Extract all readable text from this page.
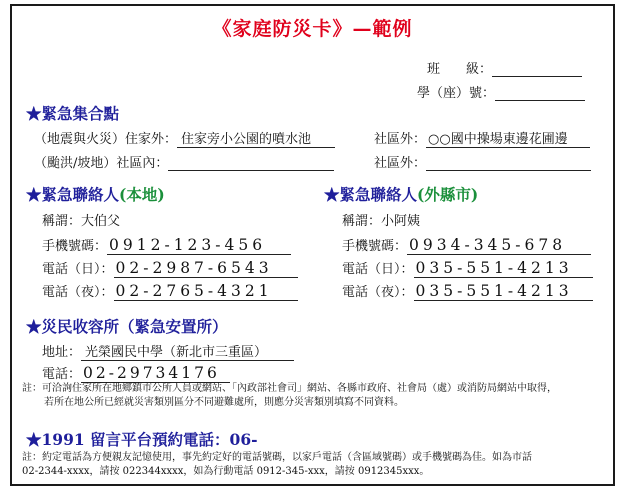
《家庭防災卡》—範例
班　　級：
學（座）號：
★緊急集合點
（地震與火災）住家外： 住家旁小公園的噴水池	社區外： ○○國中操場東邊花圃邊
（颱洪/坡地）社區內：	社區外：
★緊急聯絡人(本地)
稱謂：大伯父
手機號碼： 0912-123-456
電話（日）： 02-2987-6543
電話（夜）： 02-2765-4321
★緊急聯絡人(外縣市)
稱謂：小阿姨
手機號碼： 0934-345-678
電話（日）： 035-551-4213
電話（夜）： 035-551-4213
★災民收容所（緊急安置所）
地址： 光榮國民中學（新北市三重區）
電話： 02-29734176
註：可洽詢住家所在地鄉鎮市公所人員或網站、「內政部社會司」網站、各縣市政府、社會局（處）或消防局網站中取得，
若所在地公所已經就災害類別區分不同避難處所，則應分災害類別填寫不同資料。
★1991 留言平台預約電話：06-
註：約定電話為方便親友記憶使用，事先約定好的電話號碼，以家戶電話（含區域號碼）或手機號碼為佳。如為市話
02-2344-xxxx，請按 022344xxxx，如為行動電話 0912-345-xxx，請按 0912345xxx。
